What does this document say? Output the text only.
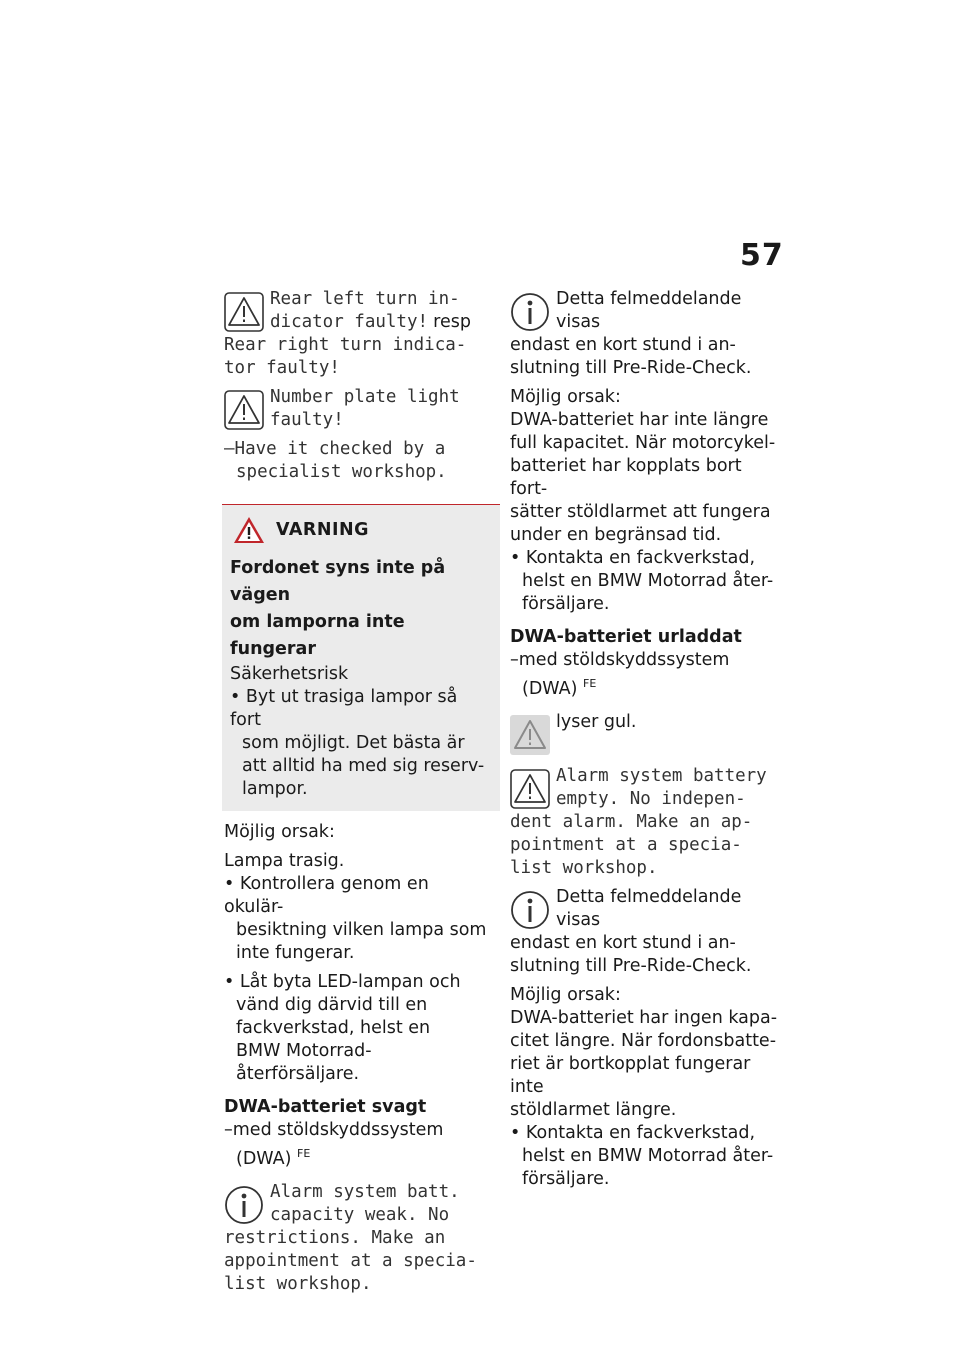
57
Rear left turn in-
dicator faulty! resp
Rear right turn indica-
tor faulty!
Number plate light
faulty!
–Have it checked by a
specialist workshop.
VARNING
Fordonet syns inte på vägen
om lamporna inte fungerar
Säkerhetsrisk
• Byt ut trasiga lampor så fort
som möjligt. Det bästa är
att alltid ha med sig reserv-
lampor.
Möjlig orsak:
Lampa trasig.
• Kontrollera genom en okulär-
besiktning vilken lampa som
inte fungerar.
• Låt byta LED-lampan och
vänd dig därvid till en
fackverkstad, helst en
BMW Motorrad-återförsäljare.
DWA-batteriet svagt
–med stöldskyddssystem
(DWA) $^{FE}$
Alarm system batt.
capacity weak. No
restrictions. Make an
appointment at a specia-
list workshop.
Detta felmeddelande visas
endast en kort stund i an-
slutning till Pre-Ride-Check.
Möjlig orsak:
DWA-batteriet har inte längre
full kapacitet. När motorcykel-
batteriet har kopplats bort fort-
sätter stöldlarmet att fungera
under en begränsad tid.
• Kontakta en fackverkstad,
helst en BMW Motorrad åter-
försäljare.
DWA-batteriet urladdat
–med stöldskyddssystem
(DWA) $^{FE}$
lyser gul.
Alarm system battery
empty. No indepen-
dent alarm. Make an ap-
pointment at a specia-
list workshop.
Detta felmeddelande visas
endast en kort stund i an-
slutning till Pre-Ride-Check.
Möjlig orsak:
DWA-batteriet har ingen kapa-
citet längre. När fordonsbatte-
riet är bortkopplat fungerar inte
stöldlarmet längre.
• Kontakta en fackverkstad,
helst en BMW Motorrad åter-
försäljare.
